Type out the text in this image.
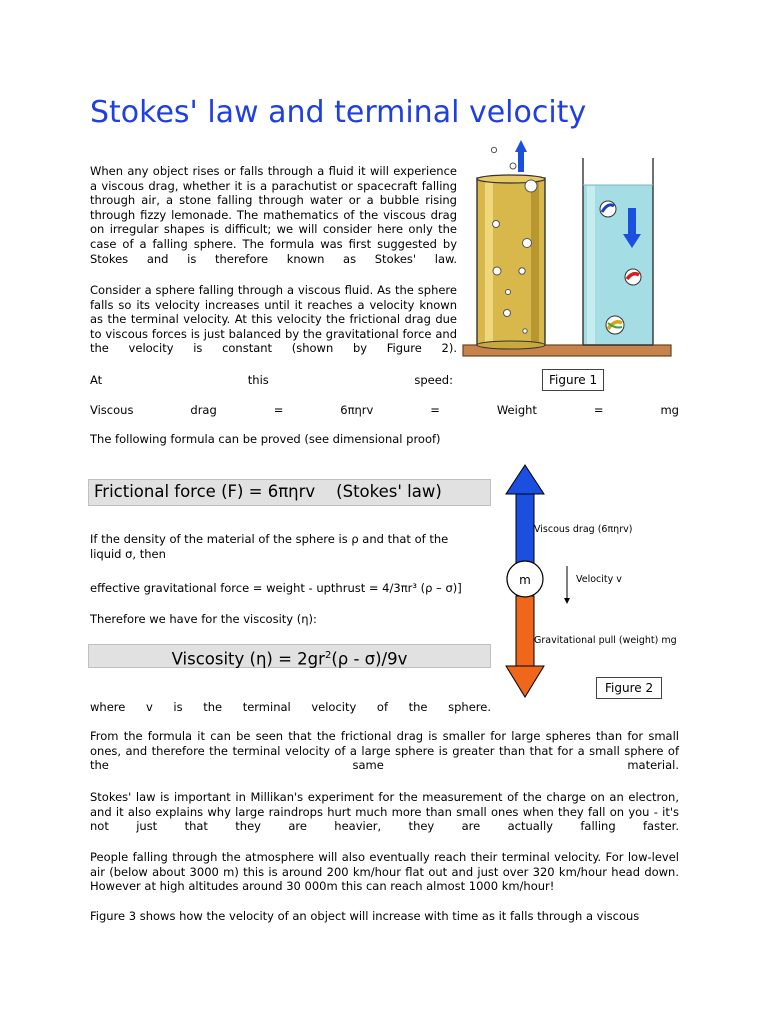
Stokes' law and terminal velocity
When any object rises or falls through a fluid it will experience a viscous drag, whether it is a parachutist or spacecraft falling through air, a stone falling through water or a bubble rising through fizzy lemonade. The mathematics of the viscous drag on irregular shapes is difficult; we will consider here only the case of a falling sphere. The formula was first suggested by Stokes and is therefore known as Stokes' law.
Consider a sphere falling through a viscous fluid. As the sphere falls so its velocity increases until it reaches a velocity known as the terminal velocity. At this velocity the frictional drag due to viscous forces is just balanced by the gravitational force and the velocity is constant (shown by Figure 2).
Figure 1
At	this	speed:
Viscous	drag	=	6πηrv	=	Weight	=	mg
The following formula can be proved (see dimensional proof)
Frictional force (F) = 6πηrv (Stokes' law)
If the density of the material of the sphere is ρ and that of the liquid σ, then
effective gravitational force = weight - upthrust = 4/3πr³ (ρ – σ)]
Therefore we have for the viscosity (η):
Viscosity $(\eta) = 2gr^2(\rho - \sigma)/9v$
m
Viscous drag (6πηrv)
Velocity v
Gravitational pull (weight) mg
Figure 2
where v is the terminal velocity of the sphere.
From the formula it can be seen that the frictional drag is smaller for large spheres than for small ones, and therefore the terminal velocity of a large sphere is greater than that for a small sphere of the same material.
Stokes' law is important in Millikan's experiment for the measurement of the charge on an electron, and it also explains why large raindrops hurt much more than small ones when they fall on you - it's not just that they are heavier, they are actually falling faster.
People falling through the atmosphere will also eventually reach their terminal velocity. For low-level air (below about 3000 m) this is around 200 km/hour flat out and just over 320 km/hour head down. However at high altitudes around 30 000m this can reach almost 1000 km/hour!
Figure 3 shows how the velocity of an object will increase with time as it falls through a viscous
